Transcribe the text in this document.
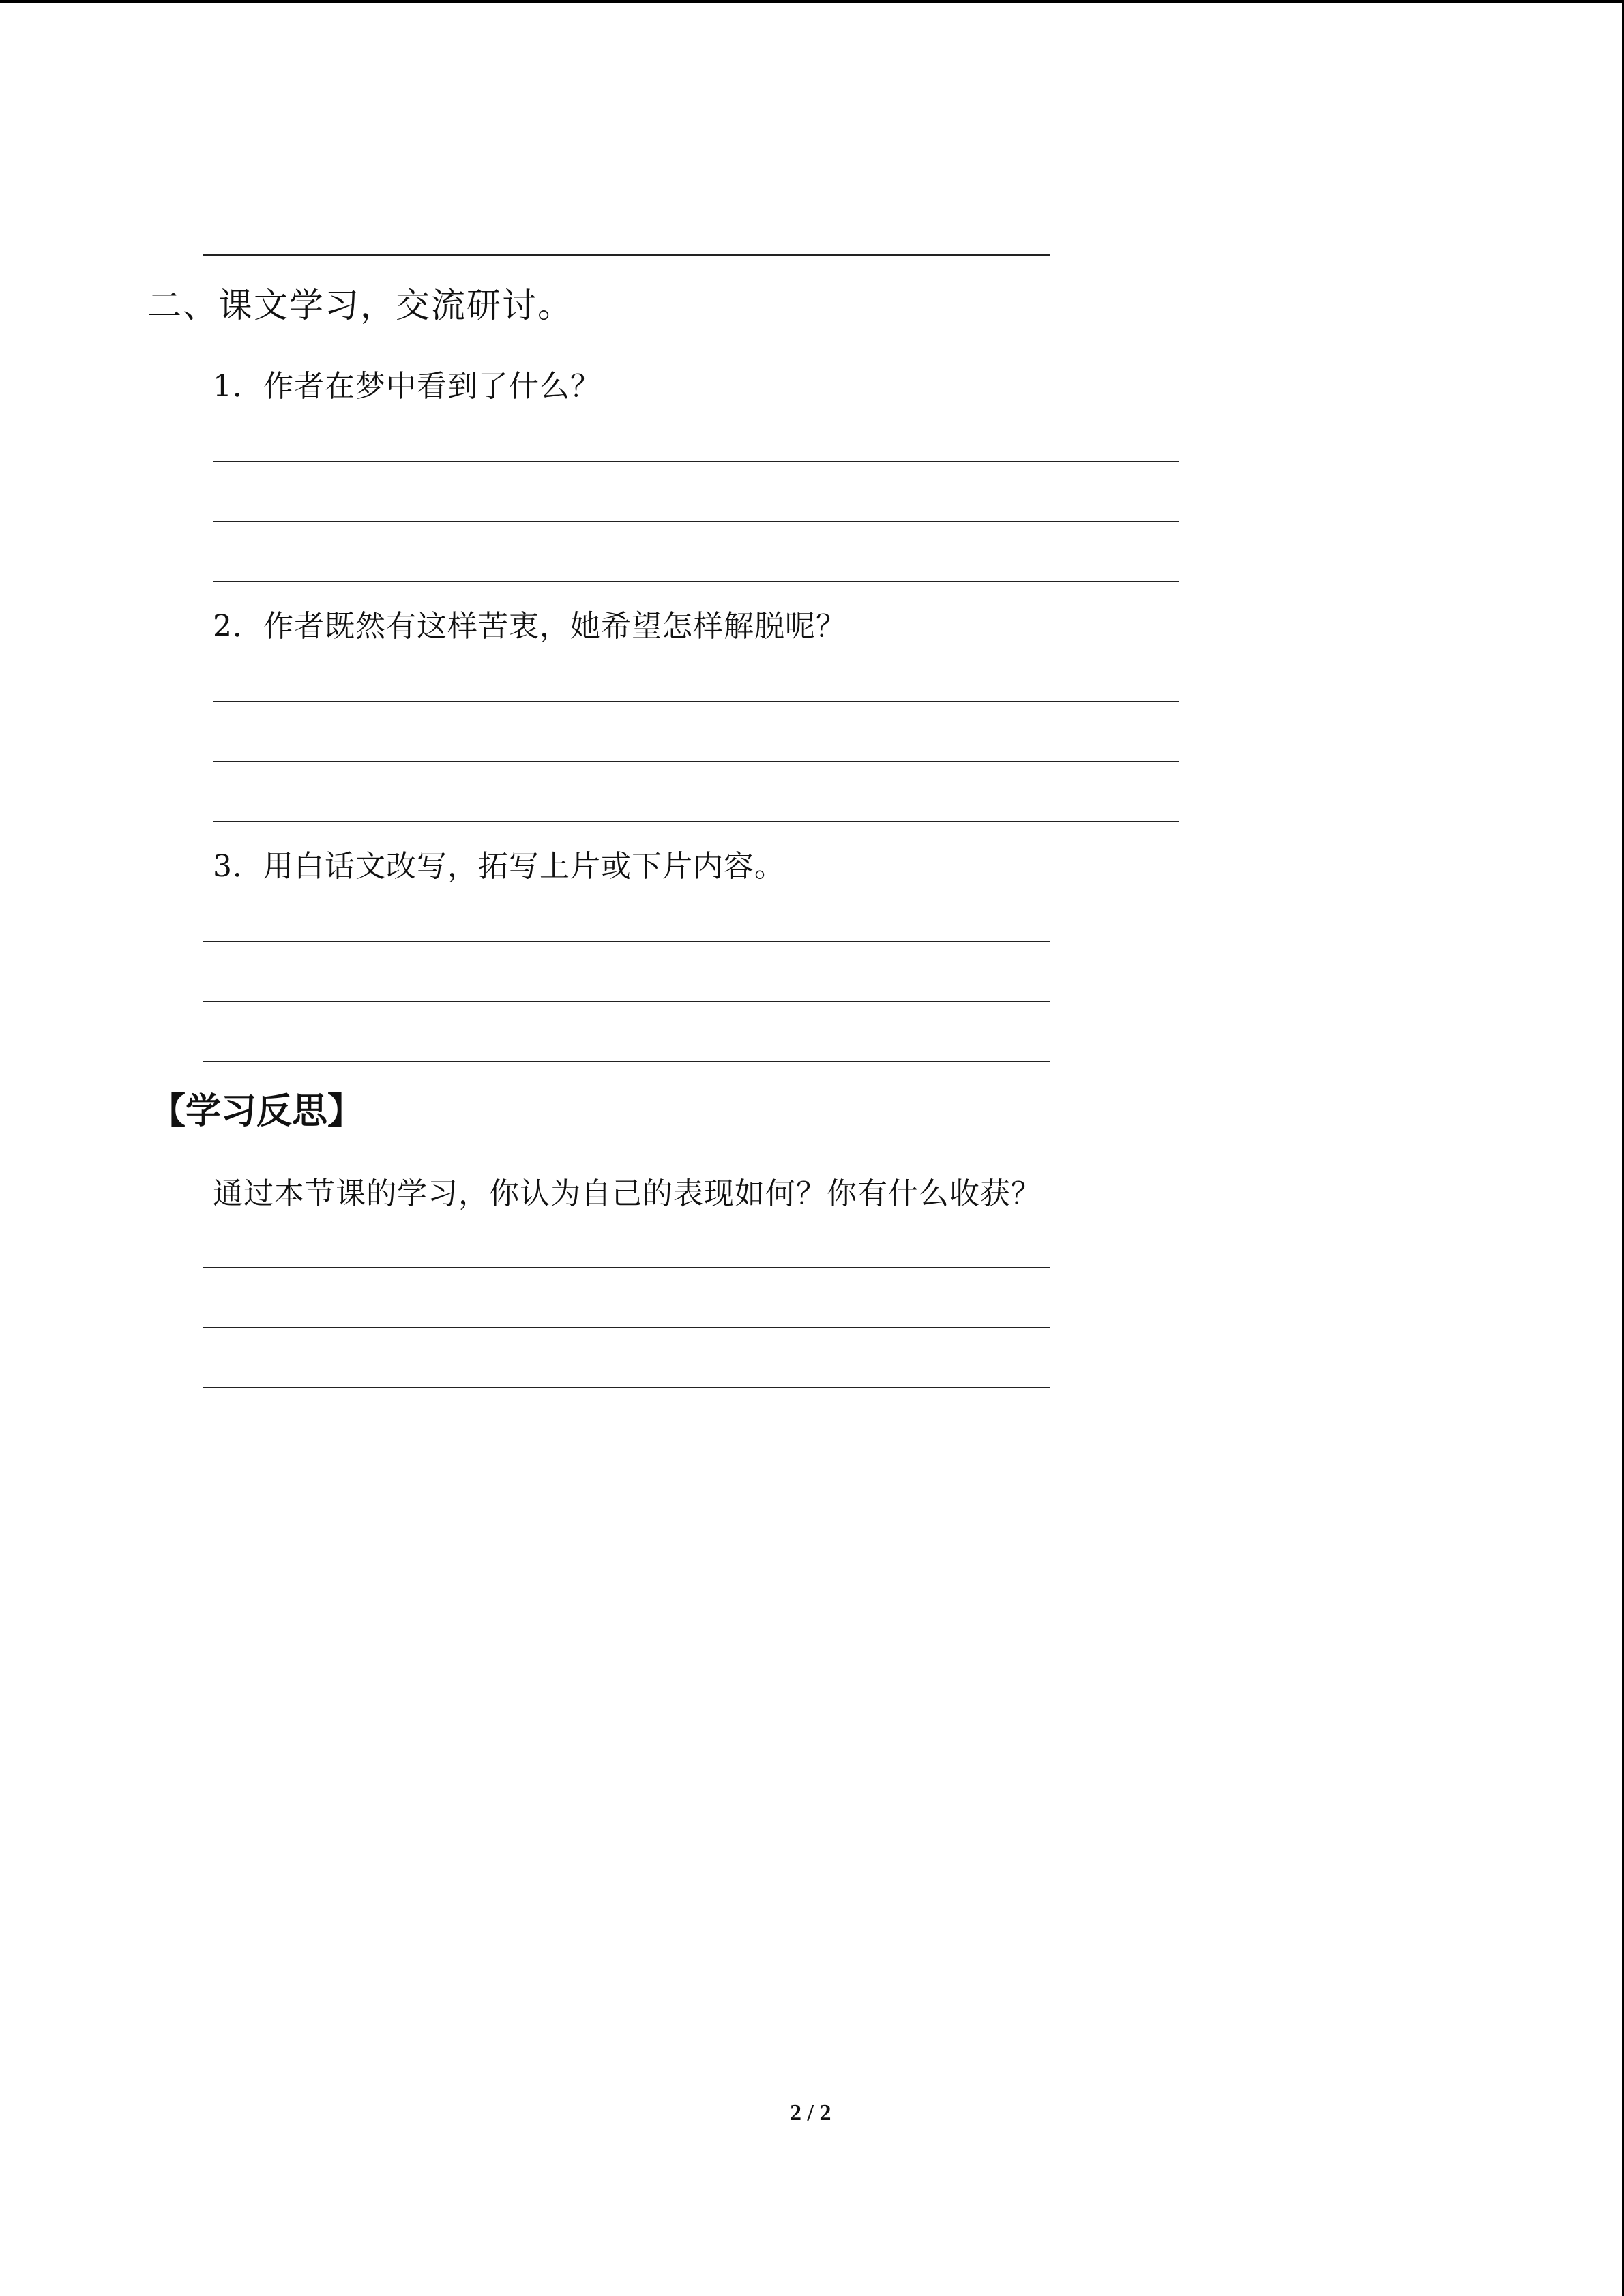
二、课文学习，交流研讨。
1．作者在梦中看到了什么？
2．作者既然有这样苦衷，她希望怎样解脱呢？
3．用白话文改写，拓写上片或下片内容。
【学习反思】
通过本节课的学习，你认为自己的表现如何？你有什么收获？
2 / 2
